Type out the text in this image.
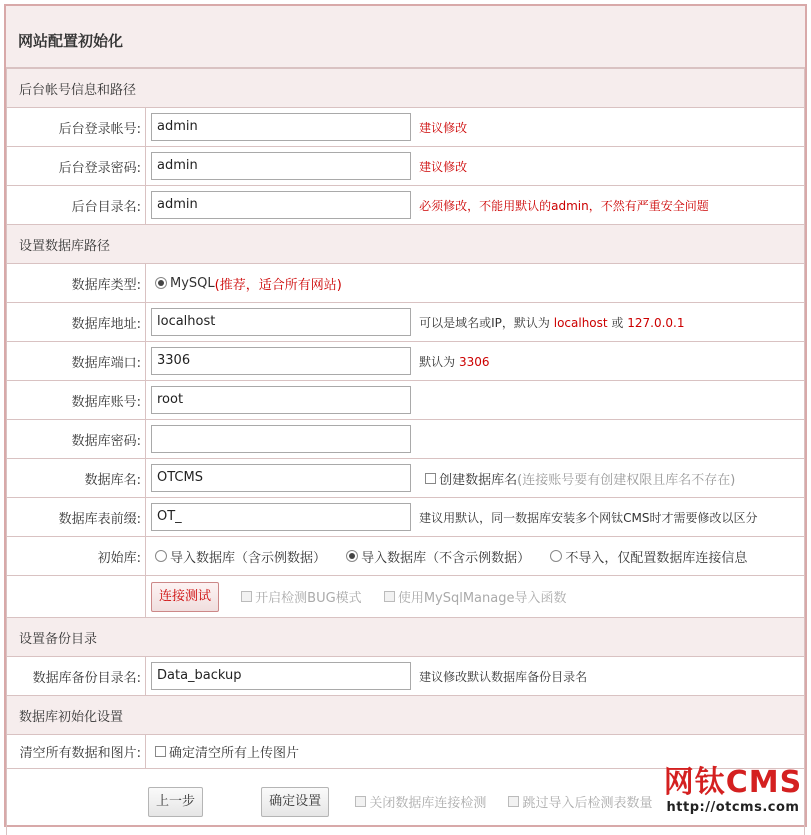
网站配置初始化
后台帐号信息和路径	
后台登录帐号:	admin 建议修改
后台登录密码:	admin 建议修改
后台目录名:	admin 必须修改，不能用默认的admin，不然有严重安全问题
设置数据库路径	
数据库类型:	MySQL(推荐，适合所有网站)
数据库地址:	localhost 可以是域名或IP，默认为 localhost 或 127.0.0.1
数据库端口:	3306 默认为 3306
数据库账号:	root
数据库密码:	
数据库名:	OTCMS 创建数据库名(连接账号要有创建权限且库名不存在)
数据库表前缀:	OT_ 建议用默认，同一数据库安装多个网钛CMS时才需要修改以区分
初始库:	导入数据库（含示例数据） 导入数据库（不含示例数据） 不导入，仅配置数据库连接信息
	连接测试 开启检测BUG模式 使用MySqlManage导入函数
设置备份目录	
数据库备份目录名:	Data_backup 建议修改默认数据库备份目录名
数据库初始化设置	
清空所有数据和图片:	确定清空所有上传图片
上一步 确定设置 关闭数据库连接检测 跳过导入后检测表数量	
网钛CMS
http://otcms.com
